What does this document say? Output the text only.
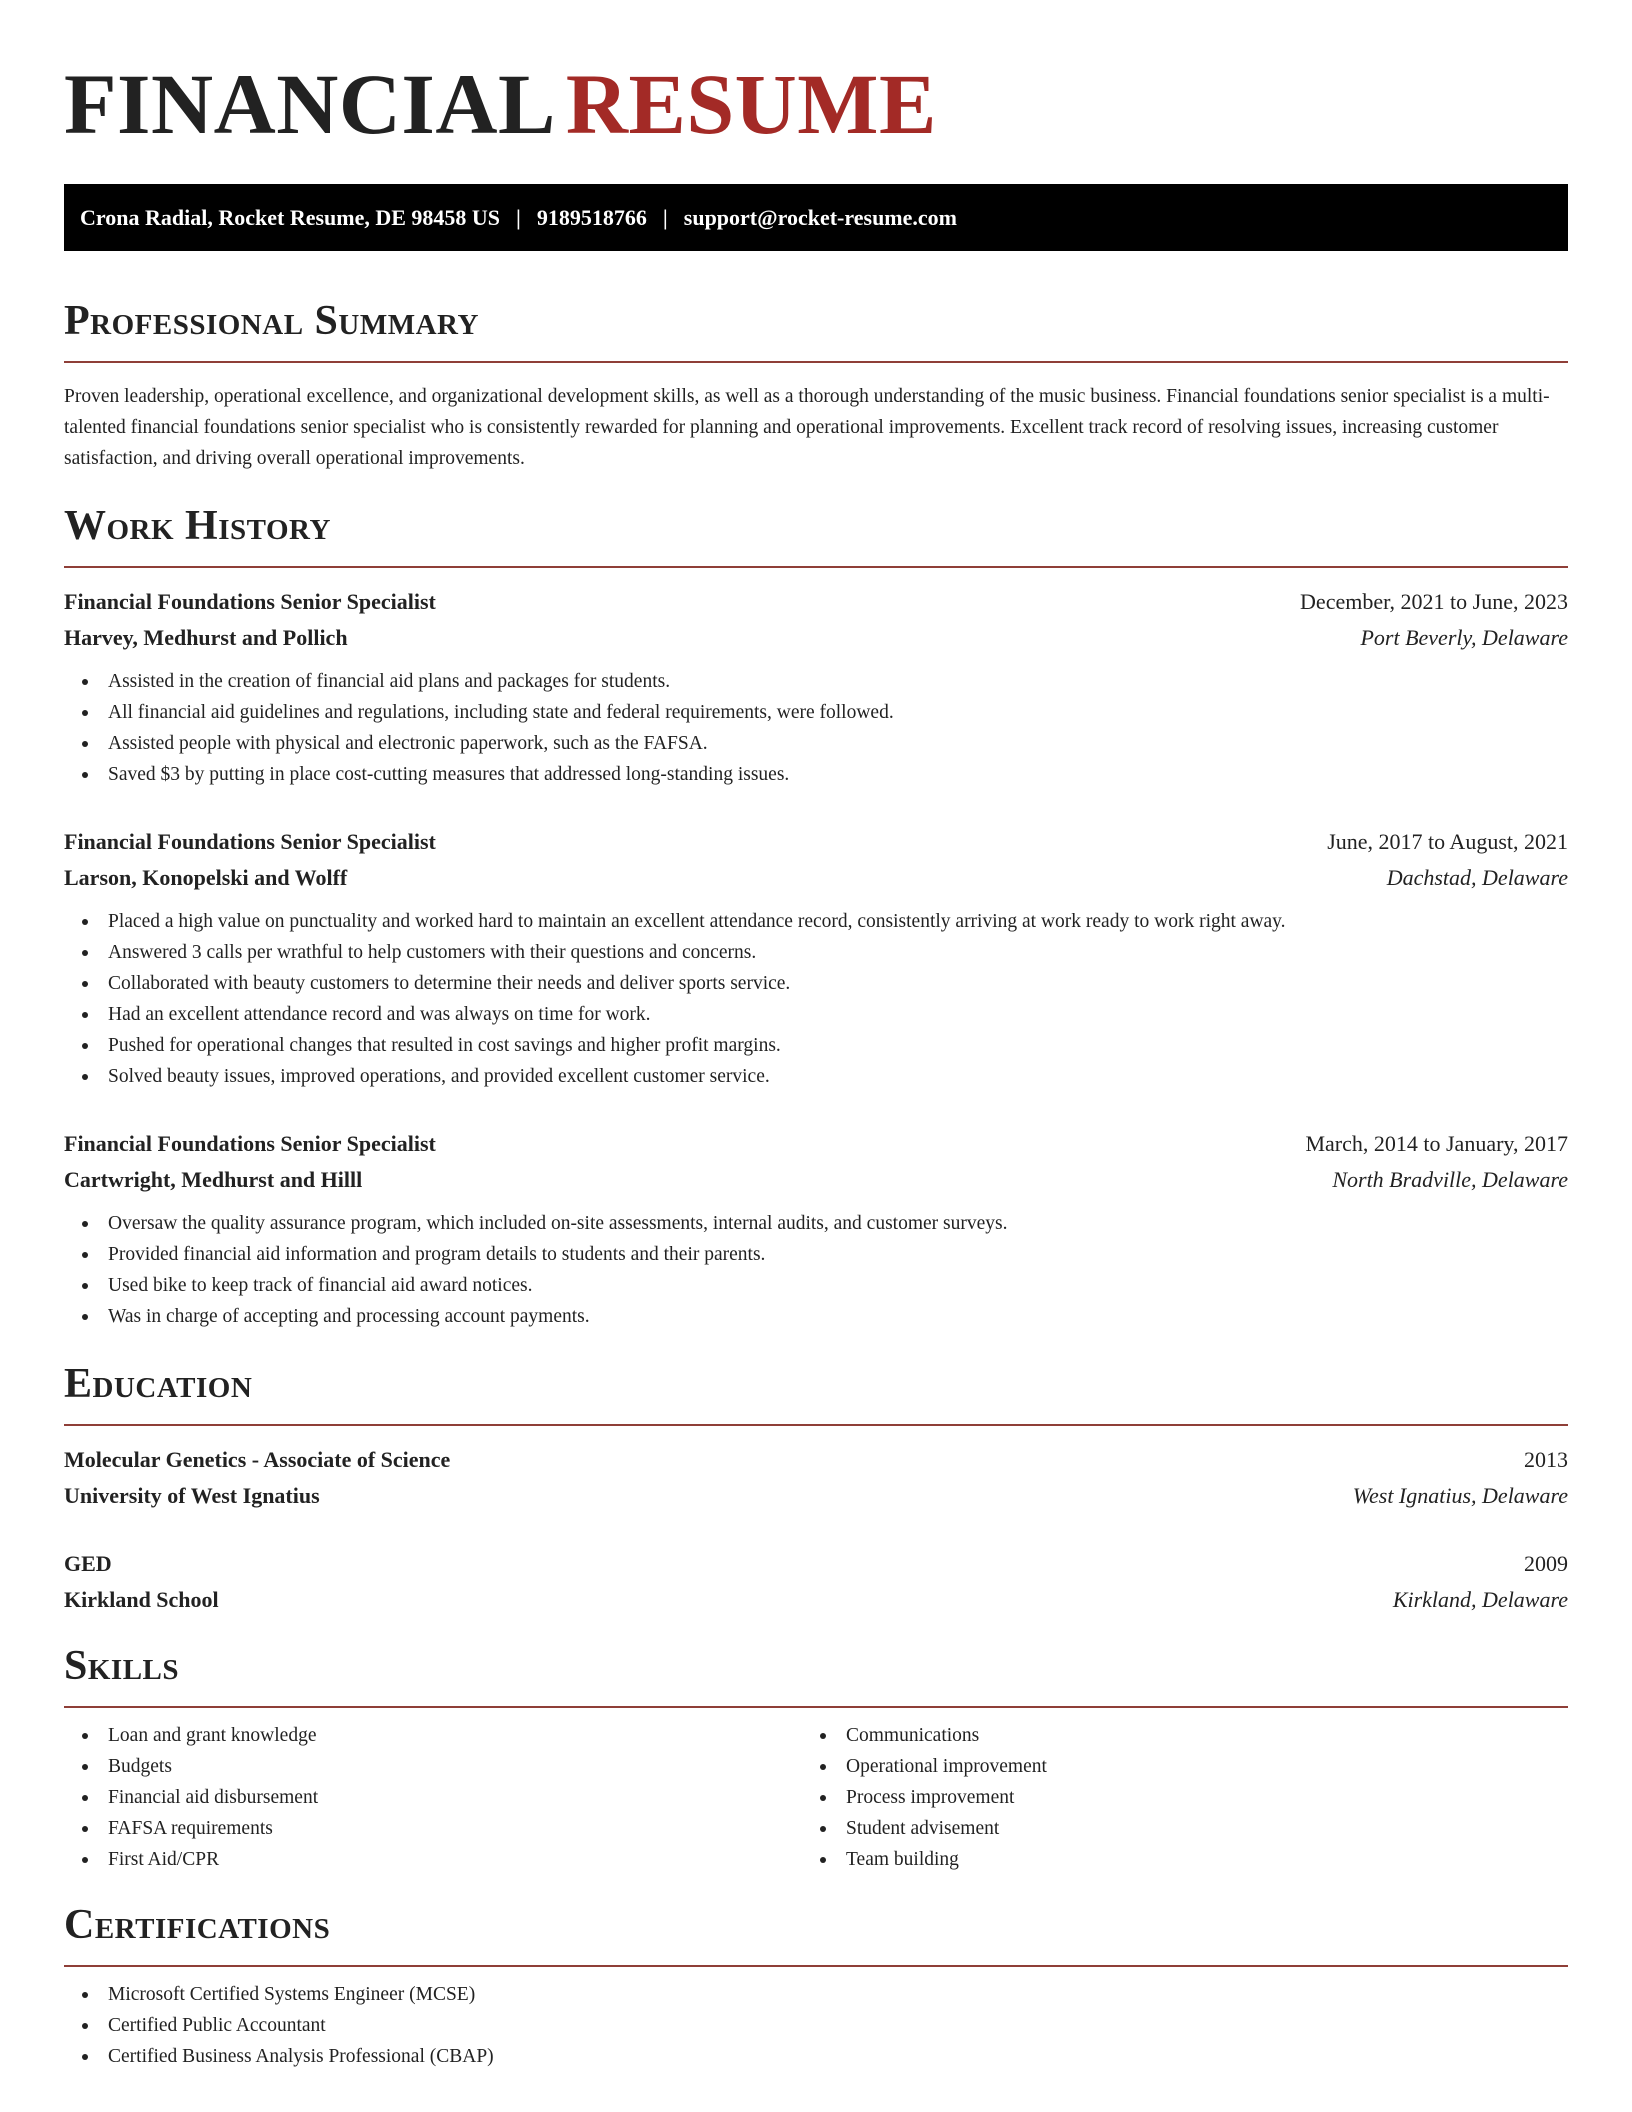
FINANCIAL RESUME
Crona Radial, Rocket Resume, DE 98458 US | 9189518766 | support@rocket-resume.com
Professional Summary

Proven leadership, operational excellence, and organizational development skills, as well as a thorough understanding of the music business. Financial foundations senior specialist is a multi-talented financial foundations senior specialist who is consistently rewarded for planning and operational improvements. Excellent track record of resolving issues, increasing customer satisfaction, and driving overall operational improvements.

Work History
Financial Foundations Senior Specialist	December, 2021 to June, 2023
Harvey, Medhurst and Pollich	Port Beverly, Delaware
Assisted in the creation of financial aid plans and packages for students.
All financial aid guidelines and regulations, including state and federal requirements, were followed.
Assisted people with physical and electronic paperwork, such as the FAFSA.
Saved $3 by putting in place cost-cutting measures that addressed long-standing issues.
Financial Foundations Senior Specialist	June, 2017 to August, 2021
Larson, Konopelski and Wolff	Dachstad, Delaware
Placed a high value on punctuality and worked hard to maintain an excellent attendance record, consistently arriving at work ready to work right away.
Answered 3 calls per wrathful to help customers with their questions and concerns.
Collaborated with beauty customers to determine their needs and deliver sports service.
Had an excellent attendance record and was always on time for work.
Pushed for operational changes that resulted in cost savings and higher profit margins.
Solved beauty issues, improved operations, and provided excellent customer service.
Financial Foundations Senior Specialist	March, 2014 to January, 2017
Cartwright, Medhurst and Hilll	North Bradville, Delaware
Oversaw the quality assurance program, which included on-site assessments, internal audits, and customer surveys.
Provided financial aid information and program details to students and their parents.
Used bike to keep track of financial aid award notices.
Was in charge of accepting and processing account payments.
Education
Molecular Genetics - Associate of Science	2013
University of West Ignatius	West Ignatius, Delaware
GED	2009
Kirkland School	Kirkland, Delaware
Skills
Loan and grant knowledge
Budgets
Financial aid disbursement
FAFSA requirements
First Aid/CPR
Communications
Operational improvement
Process improvement
Student advisement
Team building
Certifications
Microsoft Certified Systems Engineer (MCSE)
Certified Public Accountant
Certified Business Analysis Professional (CBAP)
